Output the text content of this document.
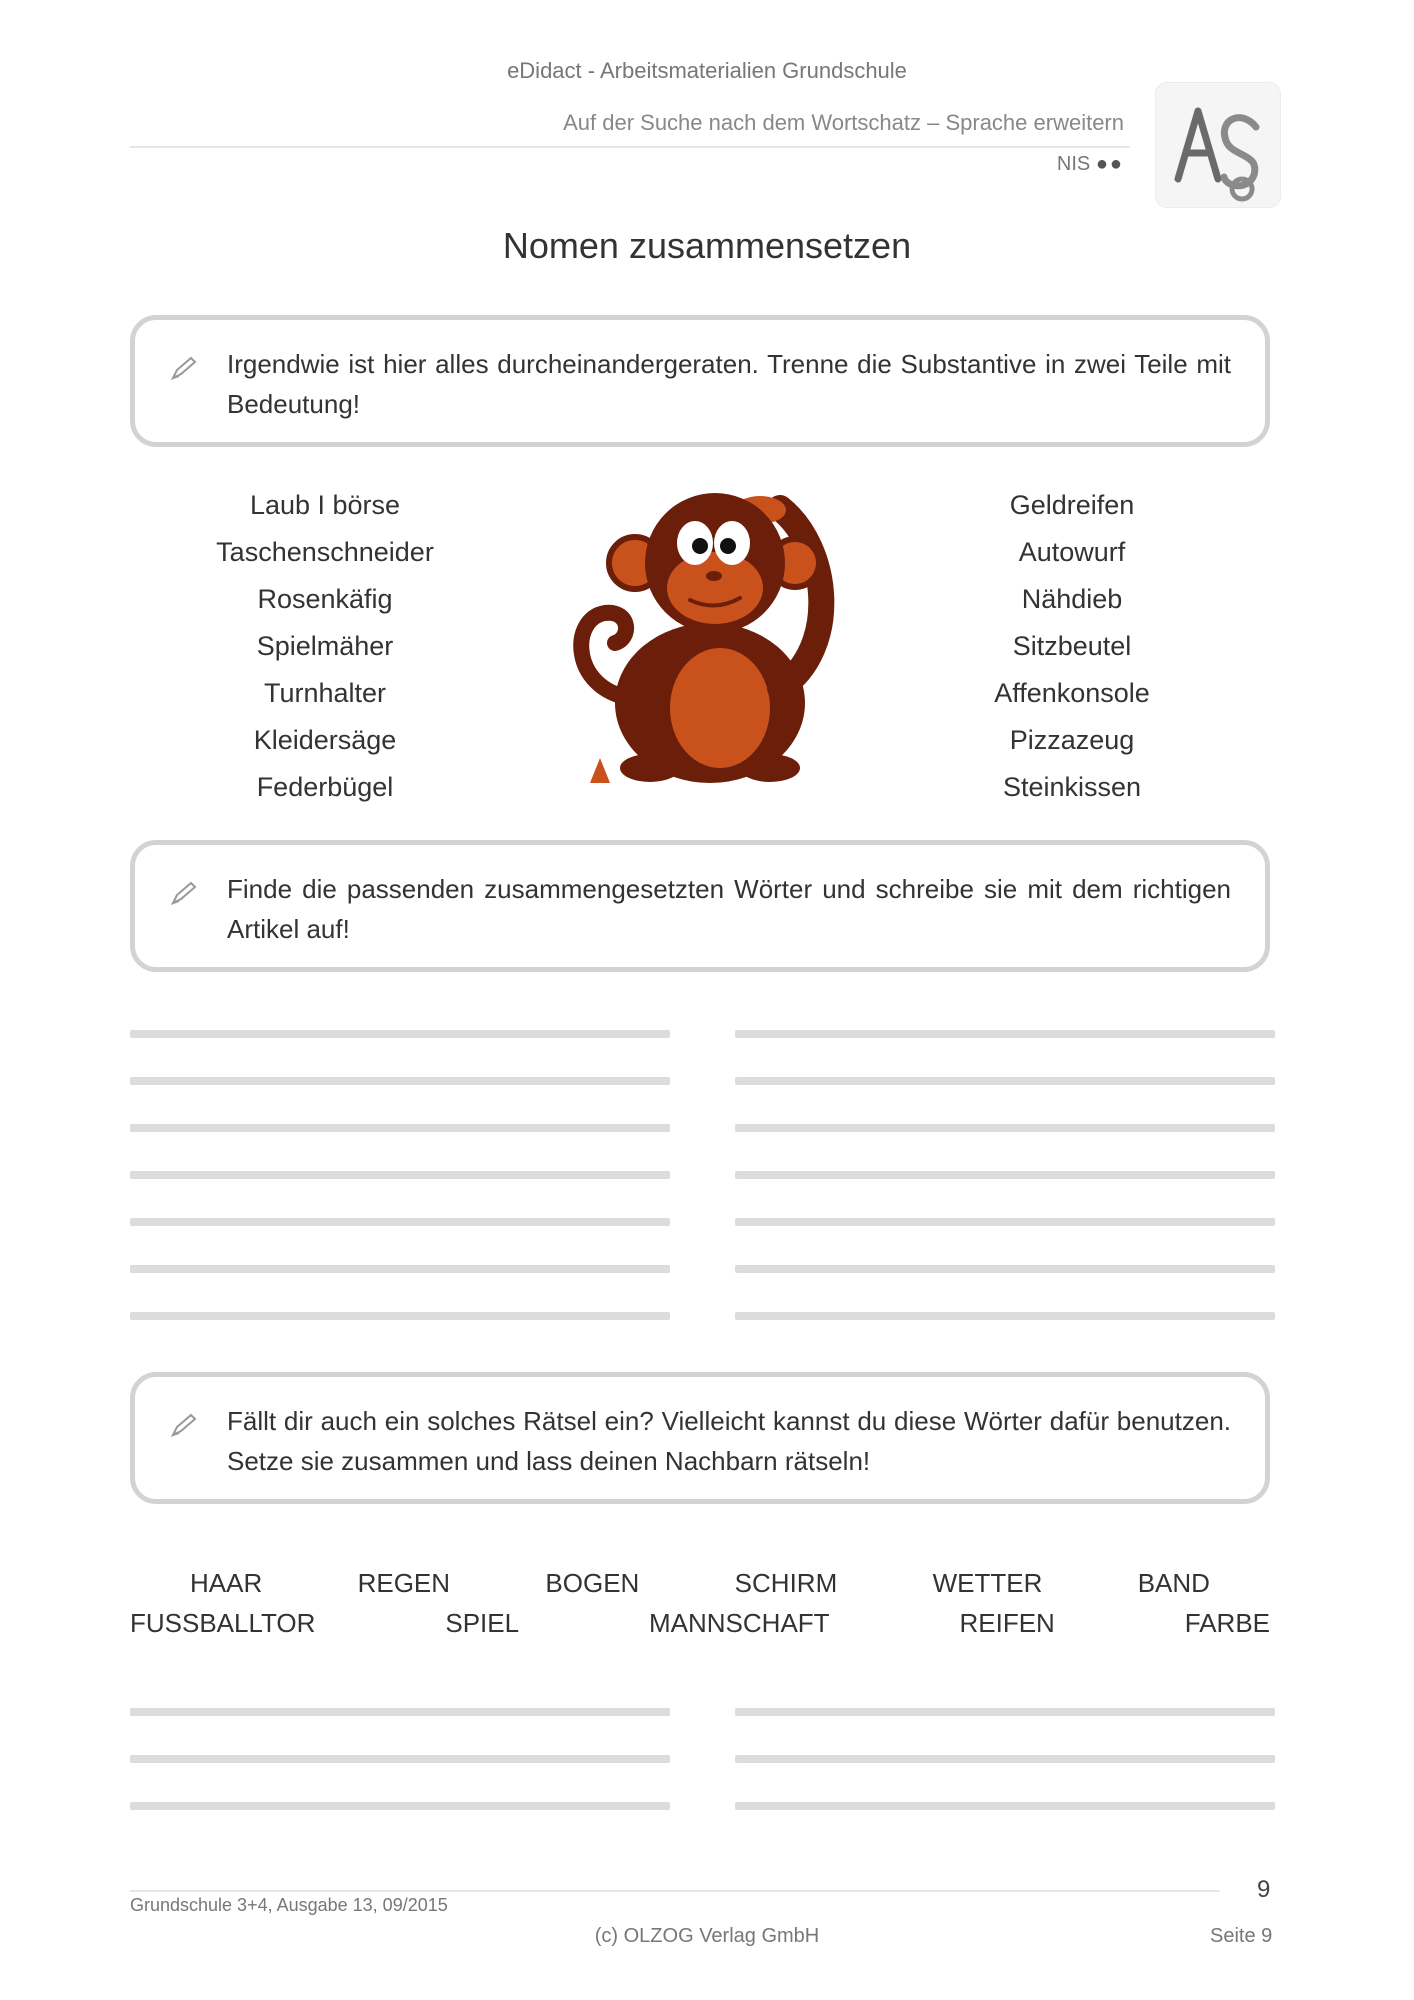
eDidact - Arbeitsmaterialien Grundschule
Auf der Suche nach dem Wortschatz – Sprache erweitern
NIS ●●
Nomen zusammensetzen
Irgendwie ist hier alles durcheinandergeraten. Trenne die Substantive in zwei Teile mit Bedeutung!
Laub I börse
Taschenschneider
Rosenkäfig
Spielmäher
Turnhalter
Kleidersäge
Federbügel
Geldreifen
Autowurf
Nähdieb
Sitzbeutel
Affenkonsole
Pizzazeug
Steinkissen
Finde die passenden zusammengesetzten Wörter und schreibe sie mit dem richtigen Artikel auf!
Fällt dir auch ein solches Rätsel ein? Vielleicht kannst du diese Wörter dafür benutzen. Setze sie zusammen und lass deinen Nachbarn rätseln!
HAAR	REGEN	BOGEN	SCHIRM	WETTER	BAND
FUSSBALLTOR	SPIEL	MANNSCHAFT	REIFEN	FARBE
Grundschule 3+4, Ausgabe 13, 09/2015
9
(c) OLZOG Verlag GmbH	Seite 9
